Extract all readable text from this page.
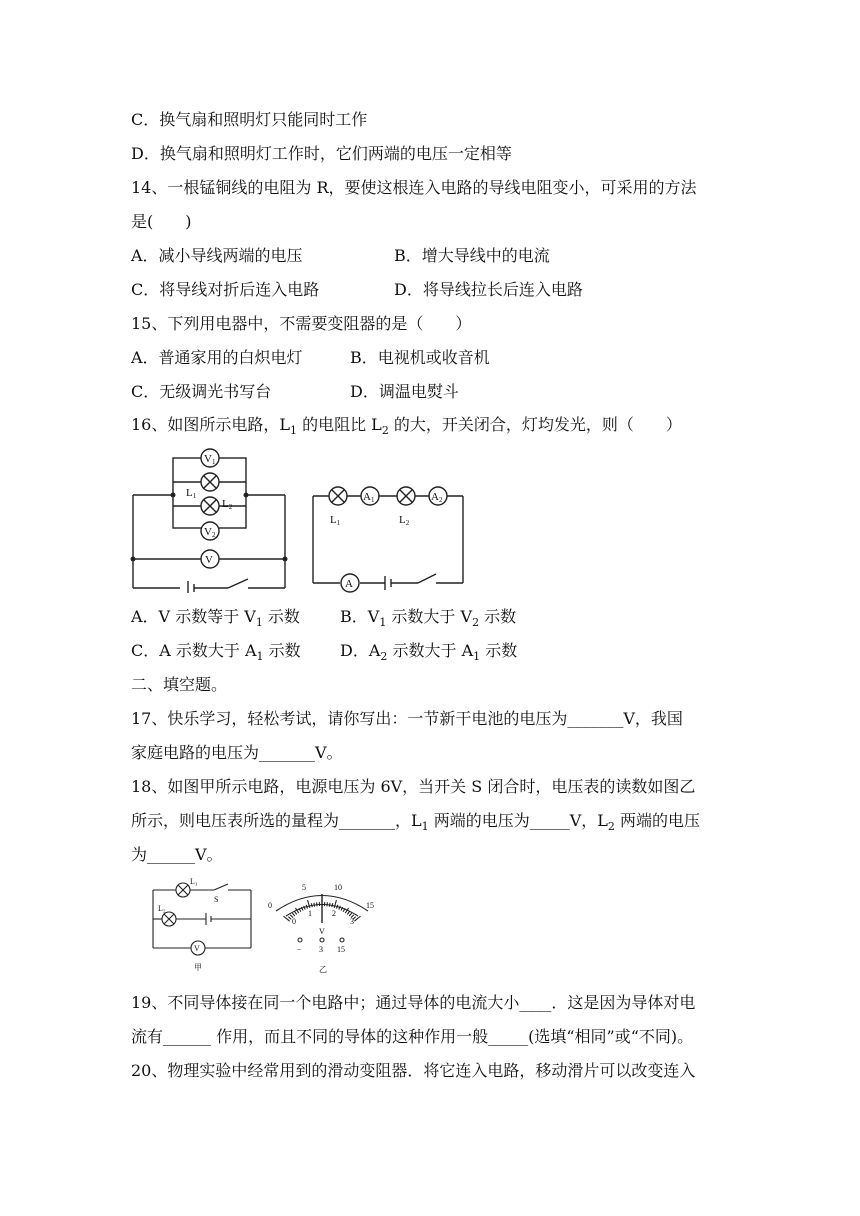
C．换气扇和照明灯只能同时工作
D．换气扇和照明灯工作时，它们两端的电压一定相等
14、一根锰铜线的电阻为 R，要使这根连入电路的导线电阻变小，可采用的方法
是(　　)
A．减小导线两端的电压	B．增大导线中的电流
C．将导线对折后连入电路	D．将导线拉长后连入电路
15、下列用电器中，不需要变阻器的是（　　）
A．普通家用的白炽电灯	B．电视机或收音机
C．无级调光书写台	D．调温电熨斗
16、如图所示电路，$L_1$ 的电阻比 $L_2$ 的大，开关闭合，灯均发光，则（　　）
V1
V2
V
L1
L2
A1	A2
A
L1	L2
A．V 示数等于 $V_1$ 示数	B．$V_1$ 示数大于 $V_2$ 示数
C．A 示数大于 $A_1$ 示数 D．$A_2$ 示数大于 $A_1$ 示数
二、填空题。
17、快乐学习，轻松考试，请你写出：一节新干电池的电压为_______V，我国
家庭电路的电压为_______V。
18、如图甲所示电路，电源电压为 6V，当开关 S 闭合时，电压表的读数如图乙
所示，则电压表所选的量程为_______，$L_1$ 两端的电压为_____V，$L_2$ 两端的电压
为______V。
L₁
L₂
S
V
甲
0
5	10
15
0
1	2
3
V
− 3 15
乙
19、不同导体接在同一个电路中；通过导体的电流大小____．这是因为导体对电
流有______ 作用，而且不同的导体的这种作用一般_____(选填“相同”或“不同)。
20、物理实验中经常用到的滑动变阻器．将它连入电路，移动滑片可以改变连入
